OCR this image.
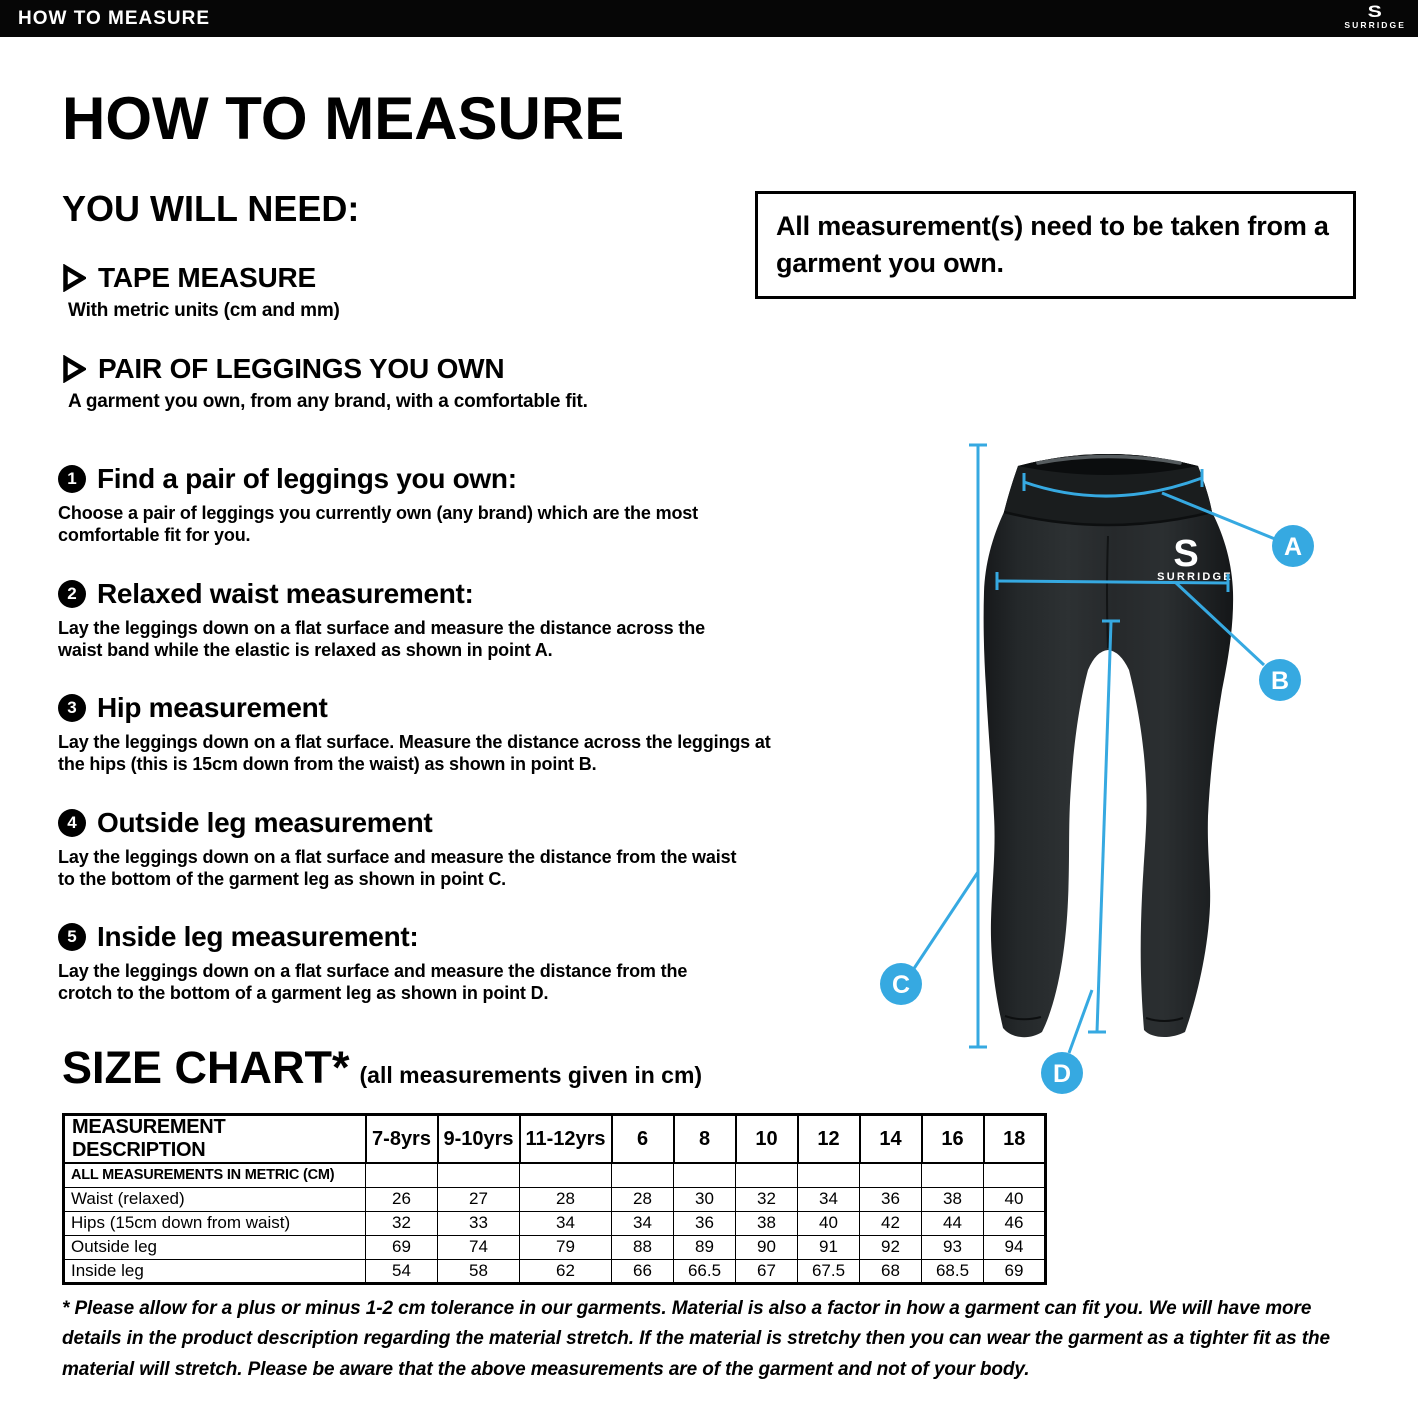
HOW TO MEASURE	S
SURRIDGE
HOW TO MEASURE
YOU WILL NEED:
TAPE MEASURE
With metric units (cm and mm)
PAIR OF LEGGINGS YOU OWN
A garment you own, from any brand, with a comfortable fit.
All measurement(s) need to be taken from a garment you own.
1 Find a pair of leggings you own:

Choose a pair of leggings you currently own (any brand) which are the most comfortable fit for you.

2 Relaxed waist measurement:

Lay the leggings down on a flat surface and measure the distance across the waist band while the elastic is relaxed as shown in point A.

3 Hip measurement

Lay the leggings down on a flat surface. Measure the distance across the leggings at the hips (this is 15cm down from the waist) as shown in point B.

4 Outside leg measurement

Lay the leggings down on a flat surface and measure the distance from the waist to the bottom of the garment leg as shown in point C.

5 Inside leg measurement:

Lay the leggings down on a flat surface and measure the distance from the crotch to the bottom of a garment leg as shown in point D.

S
SURRIDGE
A
B
C
D
SIZE CHART* (all measurements given in cm)
MEASUREMENT DESCRIPTION	7-8yrs	9-10yrs	11-12yrs	6	8	10	12	14	16	18
ALL MEASUREMENTS IN METRIC (CM)										
Waist (relaxed)	26	27	28	28	30	32	34	36	38	40
Hips (15cm down from waist)	32	33	34	34	36	38	40	42	44	46
Outside leg	69	74	79	88	89	90	91	92	93	94
Inside leg	54	58	62	66	66.5	67	67.5	68	68.5	69

* Please allow for a plus or minus 1-2 cm tolerance in our garments. Material is also a factor in how a garment can fit you. We will have more details in the product description regarding the material stretch. If the material is stretchy then you can wear the garment as a tighter fit as the material will stretch. Please be aware that the above measurements are of the garment and not of your body.
